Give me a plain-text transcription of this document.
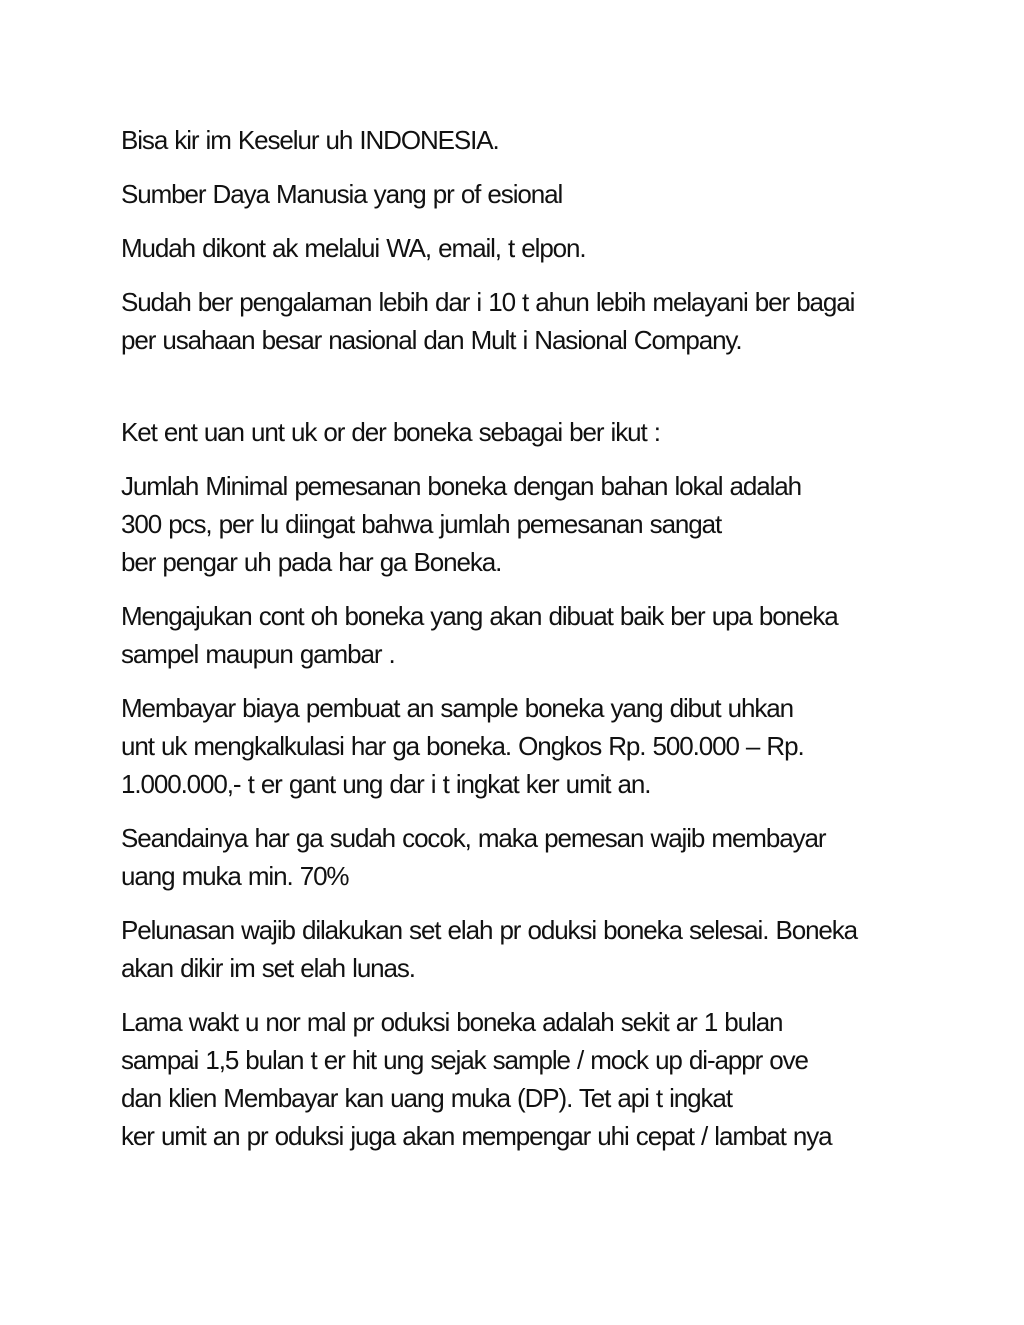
Bisa kir im Keselur uh INDONESIA.

Sumber Daya Manusia yang pr of esional

Mudah dikont ak melalui WA, email, t elpon.

Sudah ber pengalaman lebih dar i 10 t ahun lebih melayani ber bagai
per usahaan besar nasional dan Mult i Nasional Company.

Ket ent uan unt uk or der boneka sebagai ber ikut :

Jumlah Minimal pemesanan boneka dengan bahan lokal adalah
300 pcs, per lu diingat bahwa jumlah pemesanan sangat
ber pengar uh pada har ga Boneka.

Mengajukan cont oh boneka yang akan dibuat baik ber upa boneka
sampel maupun gambar .

Membayar biaya pembuat an sample boneka yang dibut uhkan
unt uk mengkalkulasi har ga boneka. Ongkos Rp. 500.000 – Rp.
1.000.000,- t er gant ung dar i t ingkat ker umit an.

Seandainya har ga sudah cocok, maka pemesan wajib membayar
uang muka min. 70%

Pelunasan wajib dilakukan set elah pr oduksi boneka selesai. Boneka
akan dikir im set elah lunas.

Lama wakt u nor mal pr oduksi boneka adalah sekit ar 1 bulan
sampai 1,5 bulan t er hit ung sejak sample / mock up di-appr ove
dan klien Membayar kan uang muka (DP). Tet api t ingkat
ker umit an pr oduksi juga akan mempengar uhi cepat / lambat nya
